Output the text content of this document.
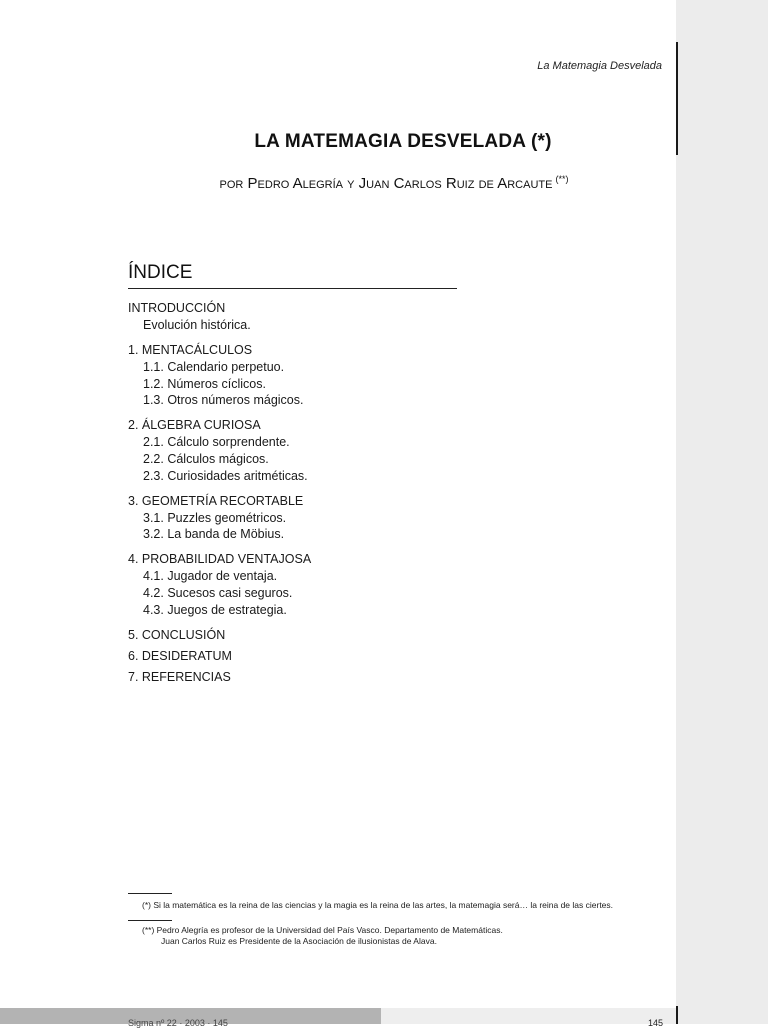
La Matemagia Desvelada
LA MATEMAGIA DESVELADA (*)
por Pedro Alegría y Juan Carlos Ruiz de Arcaute (**)
ÍNDICE
INTRODUCCIÓN
Evolución histórica.
1. MENTACÁLCULOS
1.1. Calendario perpetuo.
1.2. Números cíclicos.
1.3. Otros números mágicos.
2. ÁLGEBRA CURIOSA
2.1. Cálculo sorprendente.
2.2. Cálculos mágicos.
2.3. Curiosidades aritméticas.
3. GEOMETRÍA RECORTABLE
3.1. Puzzles geométricos.
3.2. La banda de Möbius.
4. PROBABILIDAD VENTAJOSA
4.1. Jugador de ventaja.
4.2. Sucesos casi seguros.
4.3. Juegos de estrategia.
5. CONCLUSIÓN
6. DESIDERATUM
7. REFERENCIAS
(*) Si la matemática es la reina de las ciencias y la magia es la reina de las artes, la matemagia será… la reina de las ciertes.
(**) Pedro Alegría es profesor de la Universidad del País Vasco. Departamento de Matemáticas.
Juan Carlos Ruiz es Presidente de la Asociación de ilusionistas de Alava.
Sigma nº 22 · 2003 · 145	145
